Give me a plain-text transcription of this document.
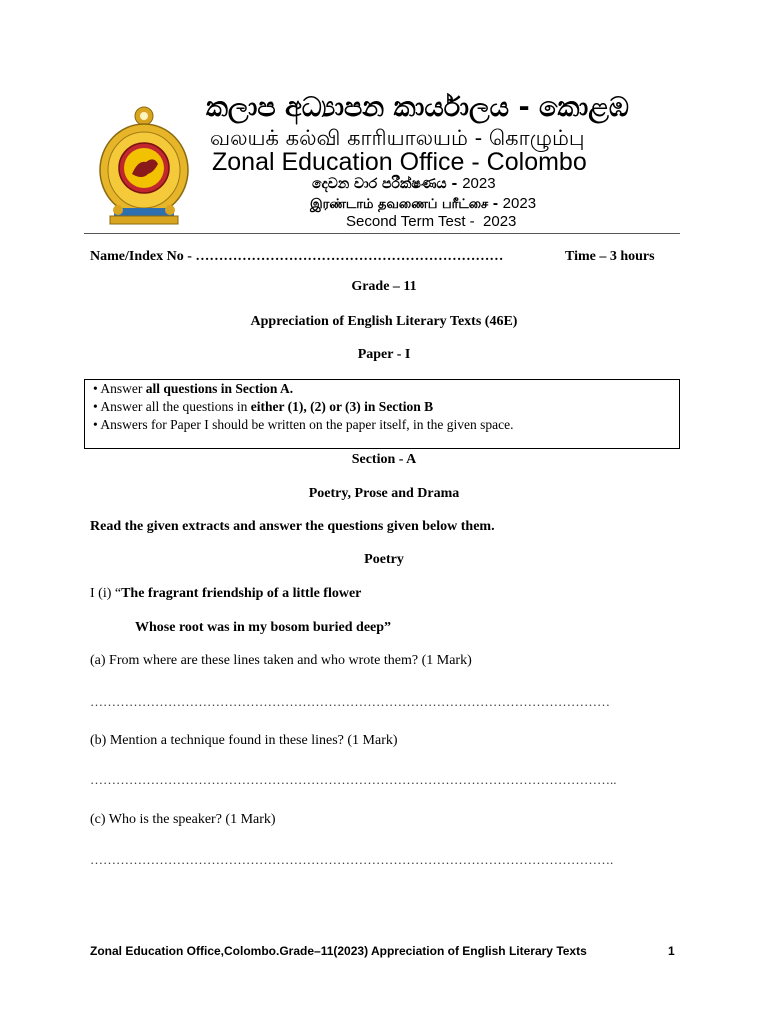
කලාප අධ්‍යාපන කාර්යාලය - කොළඹ
வலயக் கல்வி காரியாலயம் - கொழும்பு
Zonal Education Office - Colombo
දෙවන වාර පරීක්ෂණය - 2023
இரண்டாம் தவணைப் பரீட்சை - 2023
Second Term Test - 2023
Name/Index No - …………………………………………………………	Time – 3 hours
Grade – 11
Appreciation of English Literary Texts (46E)
Paper - I
• Answer all questions in Section A.
• Answer all the questions in either (1), (2) or (3) in Section B
• Answers for Paper I should be written on the paper itself, in the given space.
Section - A
Poetry, Prose and Drama
Read the given extracts and answer the questions given below them.
Poetry
I (i) “The fragrant friendship of a little flower
Whose root was in my bosom buried deep”
(a) From where are these lines taken and who wrote them? (1 Mark)
…………………………………………………………………………………………………………
(b) Mention a technique found in these lines? (1 Mark)
…………………………………………………………………………………………………………..
(c) Who is the speaker? (1 Mark)
………………………………………………………………………………………………………….
Zonal Education Office,Colombo.Grade–11(2023) Appreciation of English Literary Texts	1
